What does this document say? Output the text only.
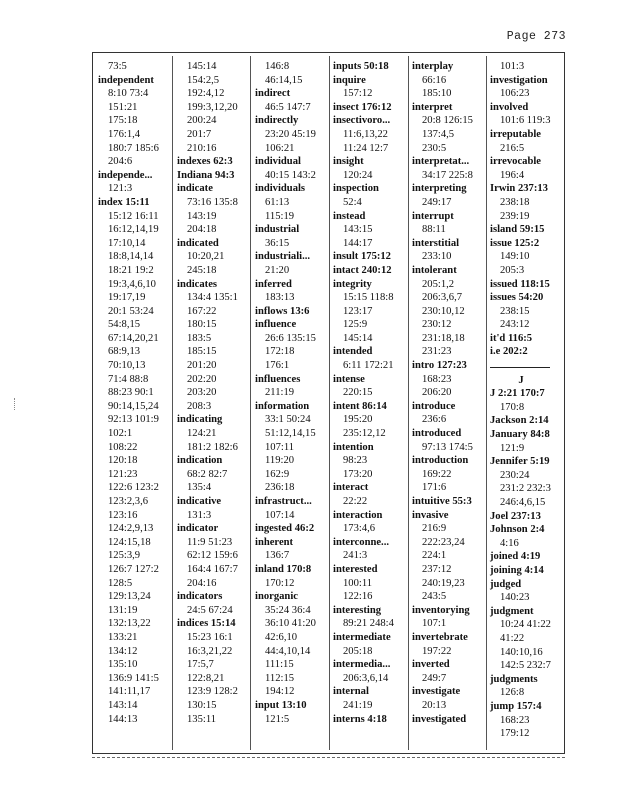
Page 273
73:5
independent
8:10 73:4
151:21
175:18
176:1,4
180:7 185:6
204:6
independe...
121:3
index 15:11
15:12 16:11
16:12,14,19
17:10,14
18:8,14,14
18:21 19:2
19:3,4,6,10
19:17,19
20:1 53:24
54:8,15
67:14,20,21
68:9,13
70:10,13
71:4 88:8
88:23 90:1
90:14,15,24
92:13 101:9
102:1
108:22
120:18
121:23
122:6 123:2
123:2,3,6
123:16
124:2,9,13
124:15,18
125:3,9
126:7 127:2
128:5
129:13,24
131:19
132:13,22
133:21
134:12
135:10
136:9 141:5
141:11,17
143:14
144:13
145:14
154:2,5
192:4,12
199:3,12,20
200:24
201:7
210:16
indexes 62:3
Indiana 94:3
indicate
73:16 135:8
143:19
204:18
indicated
10:20,21
245:18
indicates
134:4 135:1
167:22
180:15
183:5
185:15
201:20
202:20
203:20
208:3
indicating
124:21
181:2 182:6
indication
68:2 82:7
135:4
indicative
131:3
indicator
11:9 51:23
62:12 159:6
164:4 167:7
204:16
indicators
24:5 67:24
indices 15:14
15:23 16:1
16:3,21,22
17:5,7
122:8,21
123:9 128:2
130:15
135:11
146:8
46:14,15
indirect
46:5 147:7
indirectly
23:20 45:19
106:21
individual
40:15 143:2
individuals
61:13
115:19
industrial
36:15
industriali...
21:20
inferred
183:13
inflows 13:6
influence
26:6 135:15
172:18
176:1
influences
211:19
information
33:1 50:24
51:12,14,15
107:11
119:20
162:9
236:18
infrastruct...
107:14
ingested 46:2
inherent
136:7
inland 170:8
170:12
inorganic
35:24 36:4
36:10 41:20
42:6,10
44:4,10,14
111:15
112:15
194:12
input 13:10
121:5
inputs 50:18
inquire
157:12
insect 176:12
insectivoro...
11:6,13,22
11:24 12:7
insight
120:24
inspection
52:4
instead
143:15
144:17
insult 175:12
intact 240:12
integrity
15:15 118:8
123:17
125:9
145:14
intended
6:11 172:21
intense
220:15
intent 86:14
195:20
235:12,12
intention
98:23
173:20
interact
22:22
interaction
173:4,6
interconne...
241:3
interested
100:11
122:16
interesting
89:21 248:4
intermediate
205:18
intermedia...
206:3,6,14
internal
241:19
interns 4:18
interplay
66:16
185:10
interpret
20:8 126:15
137:4,5
230:5
interpretat...
34:17 225:8
interpreting
249:17
interrupt
88:11
interstitial
233:10
intolerant
205:1,2
206:3,6,7
230:10,12
230:12
231:18,18
231:23
intro 127:23
168:23
206:20
introduce
236:6
introduced
97:13 174:5
introduction
169:22
171:6
intuitive 55:3
invasive
216:9
222:23,24
224:1
237:12
240:19,23
243:5
inventorying
107:1
invertebrate
197:22
inverted
249:7
investigate
20:13
investigated
101:3
investigation
106:23
involved
101:6 119:3
irreputable
216:5
irrevocable
196:4
Irwin 237:13
238:18
239:19
island 59:15
issue 125:2
149:10
205:3
issued 118:15
issues 54:20
238:15
243:12
it'd 116:5
i.e 202:2
J
J 2:21 170:7
170:8
Jackson 2:14
January 84:8
121:9
Jennifer 5:19
230:24
231:2 232:3
246:4,6,15
Joel 237:13
Johnson 2:4
4:16
joined 4:19
joining 4:14
judged
140:23
judgment
10:24 41:22
41:22
140:10,16
142:5 232:7
judgments
126:8
jump 157:4
168:23
179:12
